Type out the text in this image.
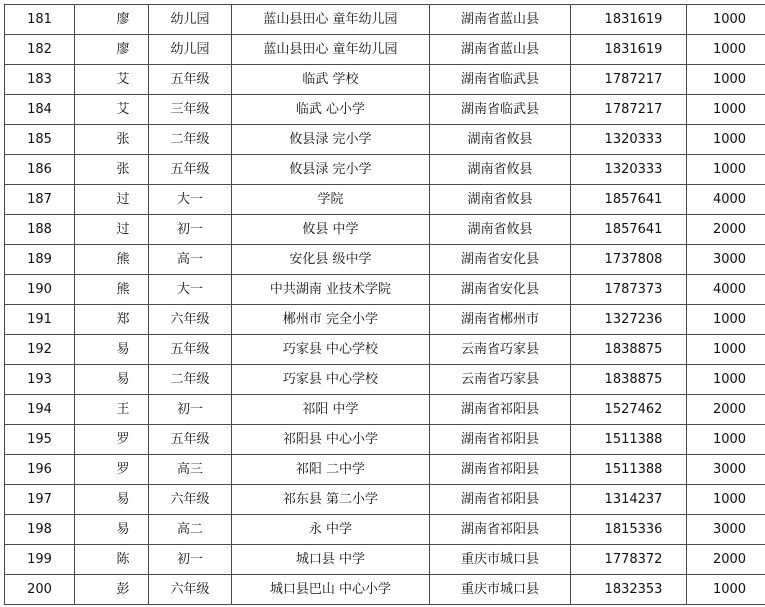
181	廖	幼儿园	蓝山县田心 童年幼儿园	湖南省蓝山县	1831619	1000
182	廖	幼儿园	蓝山县田心 童年幼儿园	湖南省蓝山县	1831619	1000
183	艾	五年级	临武 学校	湖南省临武县	1787217	1000
184	艾	三年级	临武 心小学	湖南省临武县	1787217	1000
185	张	二年级	攸县渌 完小学	湖南省攸县	1320333	1000
186	张	五年级	攸县渌 完小学	湖南省攸县	1320333	1000
187	过	大一	学院	湖南省攸县	1857641	4000
188	过	初一	攸县 中学	湖南省攸县	1857641	2000
189	熊	高一	安化县 级中学	湖南省安化县	1737808	3000
190	熊	大一	中共湖南 业技术学院	湖南省安化县	1787373	4000
191	郑	六年级	郴州市 完全小学	湖南省郴州市	1327236	1000
192	易	五年级	巧家县 中心学校	云南省巧家县	1838875	1000
193	易	二年级	巧家县 中心学校	云南省巧家县	1838875	1000
194	王	初一	祁阳 中学	湖南省祁阳县	1527462	2000
195	罗	五年级	祁阳县 中心小学	湖南省祁阳县	1511388	1000
196	罗	高三	祁阳 二中学	湖南省祁阳县	1511388	3000
197	易	六年级	祁东县 第二小学	湖南省祁阳县	1314237	1000
198	易	高二	永 中学	湖南省祁阳县	1815336	3000
199	陈	初一	城口县 中学	重庆市城口县	1778372	2000
200	彭	六年级	城口县巴山 中心小学	重庆市城口县	1832353	1000
